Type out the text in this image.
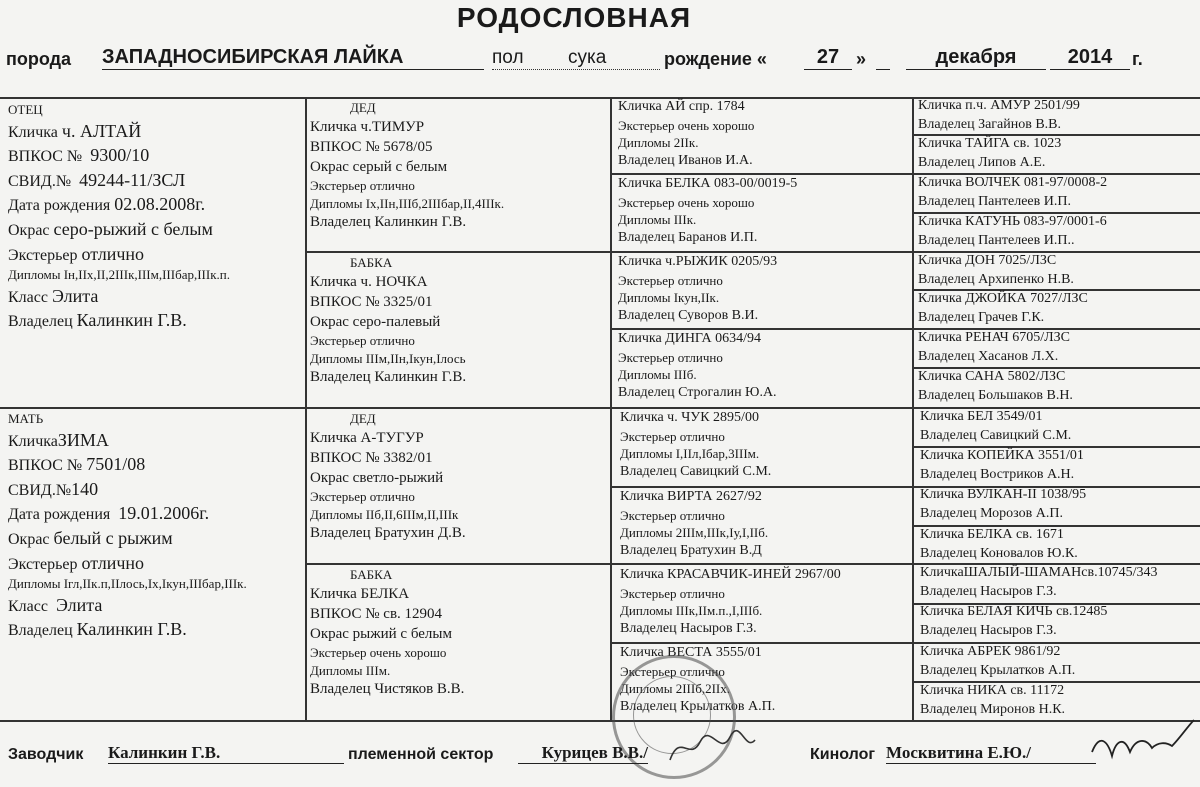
РОДОСЛОВНАЯ
порода ЗАПАДНОСИБИРСКАЯ ЛАЙКА	пол сука	рождение «	27 »
	декабря	2014	г.
ОТЕЦ
Кличка ч. АЛТАЙ
ВПКОС № 9300/10
СВИД.№ 49244-11/ЗСЛ
Дата рождения 02.08.2008г.
Окрас серо-рыжий с белым
Экстерьер отлично
Дипломы Iн,IIх,II,2IIIк,IIIм,IIIбар,IIIк.п.
Класс Элита
Владелец Калинкин Г.В.
МАТЬ
КличкаЗИМА
ВПКОС № 7501/08
СВИД.№140
Дата рождения 19.01.2006г.
Окрас белый с рыжим
Экстерьер отлично
Дипломы Iгл,IIк.п,IIлось,Iх,Iкун,IIIбар,IIIк.
Класс Элита
Владелец Калинкин Г.В.
ДЕД
Кличка ч.ТИМУР
ВПКОС № 5678/05
Окрас серый с белым
Экстерьер отлично
Дипломы Iх,IIн,IIIб,2IIIбар,II,4IIIк.
Владелец Калинкин Г.В.
БАБКА
Кличка ч. НОЧКА
ВПКОС № 3325/01
Окрас серо-палевый
Экстерьер отлично
Дипломы IIIм,IIн,Iкун,Iлось
Владелец Калинкин Г.В.
ДЕД
Кличка А-ТУГУР
ВПКОС № 3382/01
Окрас светло-рыжий
Экстерьер отлично
Дипломы IIб,II,6IIIм,II,IIIк
Владелец Братухин Д.В.
БАБКА
Кличка БЕЛКА
ВПКОС № св. 12904
Окрас рыжий с белым
Экстерьер очень хорошо
Дипломы IIIм.
Владелец Чистяков В.В.
Кличка АЙ спр. 1784
Экстерьер очень хорошо
Дипломы 2IIк.
Владелец Иванов И.А.
Кличка БЕЛКА 083-00/0019-5
Экстерьер очень хорошо
Дипломы IIIк.
Владелец Баранов И.П.
Кличка ч.РЫЖИК 0205/93
Экстерьер отлично
Дипломы Iкун,IIк.
Владелец Суворов В.И.
Кличка ДИНГА 0634/94
Экстерьер отлично
Дипломы IIIб.
Владелец Строгалин Ю.А.
Кличка ч. ЧУК 2895/00
Экстерьер отлично
Дипломы I,IIл,Iбар,3IIIм.
Владелец Савицкий С.М.
Кличка ВИРТА 2627/92
Экстерьер отлично
Дипломы 2IIIм,IIIк,Iу,I,IIб.
Владелец Братухин В.Д
Кличка КРАСАВЧИК-ИНЕЙ 2967/00
Экстерьер отлично
Дипломы IIIк,IIм.п.,I,IIIб.
Владелец Насыров Г.З.
Кличка ВЕСТА 3555/01
Экстерьер отлично
Дипломы 2IIIб,2IIх.
Владелец Крылатков А.П.
Кличка п.ч. АМУР 2501/99
Владелец Загайнов В.В.
Кличка ТАЙГА св. 1023
Владелец Липов А.Е.
Кличка ВОЛЧЕК 081-97/0008-2
Владелец Пантелеев И.П.
Кличка КАТУНЬ 083-97/0001-6
Владелец Пантелеев И.П..
Кличка ДОН 7025/ЛЗС
Владелец Архипенко Н.В.
Кличка ДЖОЙКА 7027/ЛЗС
Владелец Грачев Г.К.
Кличка РЕНАЧ 6705/ЛЗС
Владелец Хасанов Л.Х.
Кличка САНА 5802/ЛЗС
Владелец Большаков В.Н.
Кличка БЕЛ 3549/01
Владелец Савицкий С.М.
Кличка КОПЕЙКА 3551/01
Владелец Востриков А.Н.
Кличка ВУЛКАН-II 1038/95
Владелец Морозов А.П.
Кличка БЕЛКА св. 1671
Владелец Коновалов Ю.К.
КличкаШАЛЫЙ-ШАМАНсв.10745/343
Владелец Насыров Г.З.
Кличка БЕЛАЯ КИЧЬ св.12485
Владелец Насыров Г.З.
Кличка АБРЕК 9861/92
Владелец Крылатков А.П.
Кличка НИКА св. 11172
Владелец Миронов Н.К.
Заводчик Калинкин Г.В.	племенной сектор	Курицев В.В./	Кинолог Москвитина Е.Ю./
